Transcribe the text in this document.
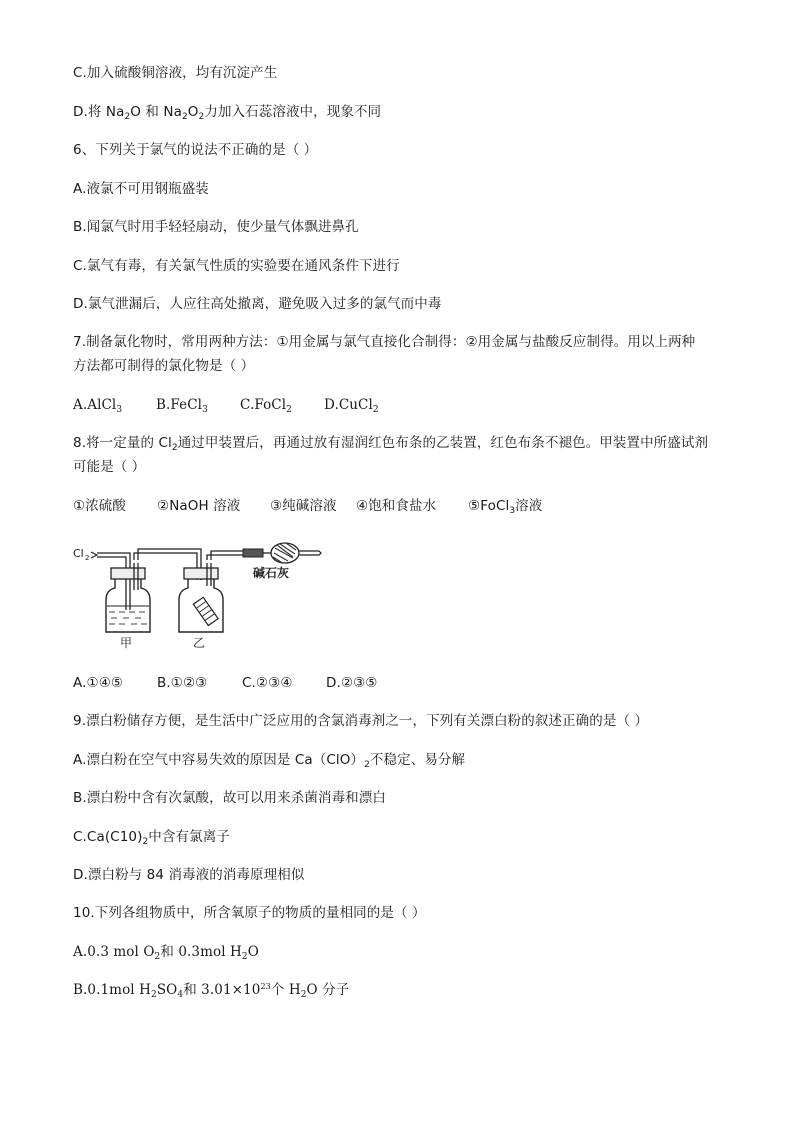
C.加入硫酸铜溶液，均有沉淀产生
D.将 $Na_2O$ 和 $Na_2O_2$力加入石蕊溶液中，现象不同
6、下列关于氯气的说法不正确的是（ ）
A.液氯不可用钢瓶盛装
B.闻氯气时用手轻轻扇动，使少量气体飘进鼻孔
C.氯气有毒，有关氯气性质的实验要在通风条件下进行
D.氯气泄漏后，人应往高处撤离，避免吸入过多的氯气而中毒
7.制备氯化物时，常用两种方法：①用金属与氯气直接化合制得：②用金属与盐酸反应制得。用以上两种
方法都可制得的氯化物是（ ）
A.AlCl$_3$	B.FeCl$_3$ C.FoCl$_2$ D.CuCl$_2$
8.将一定量的 $Cl_2$通过甲装置后，再通过放有湿润红色布条的乙装置，红色布条不褪色。甲装置中所盛试剂
可能是（ ）
①浓硫酸 ②NaOH 溶液 ③纯碱溶液 ④饱和食盐水 ⑤FoCl$_3$溶液
Cl 2
碱石灰
甲	乙
A.①④⑤	B.①②③	C.②③④ D.②③⑤
9.漂白粉储存方便，是生活中广泛应用的含氯消毒剂之一，下列有关漂白粉的叙述正确的是（ ）
A.漂白粉在空气中容易失效的原因是 $Ca(ClO)_2$不稳定、易分解
B.漂白粉中含有次氯酸，故可以用来杀菌消毒和漂白
$C.Ca(C10)_2$中含有氯离子
D.漂白粉与 84 消毒液的消毒原理相似
10.下列各组物质中，所含氧原子的物质的量相同的是（ ）
A.0.3 mol $O_2$和 0.3mol $H_2O$
B.0.1mol $H_2SO_4$和 $3.01\times 10^{23}$个 $H_2O$ 分子
